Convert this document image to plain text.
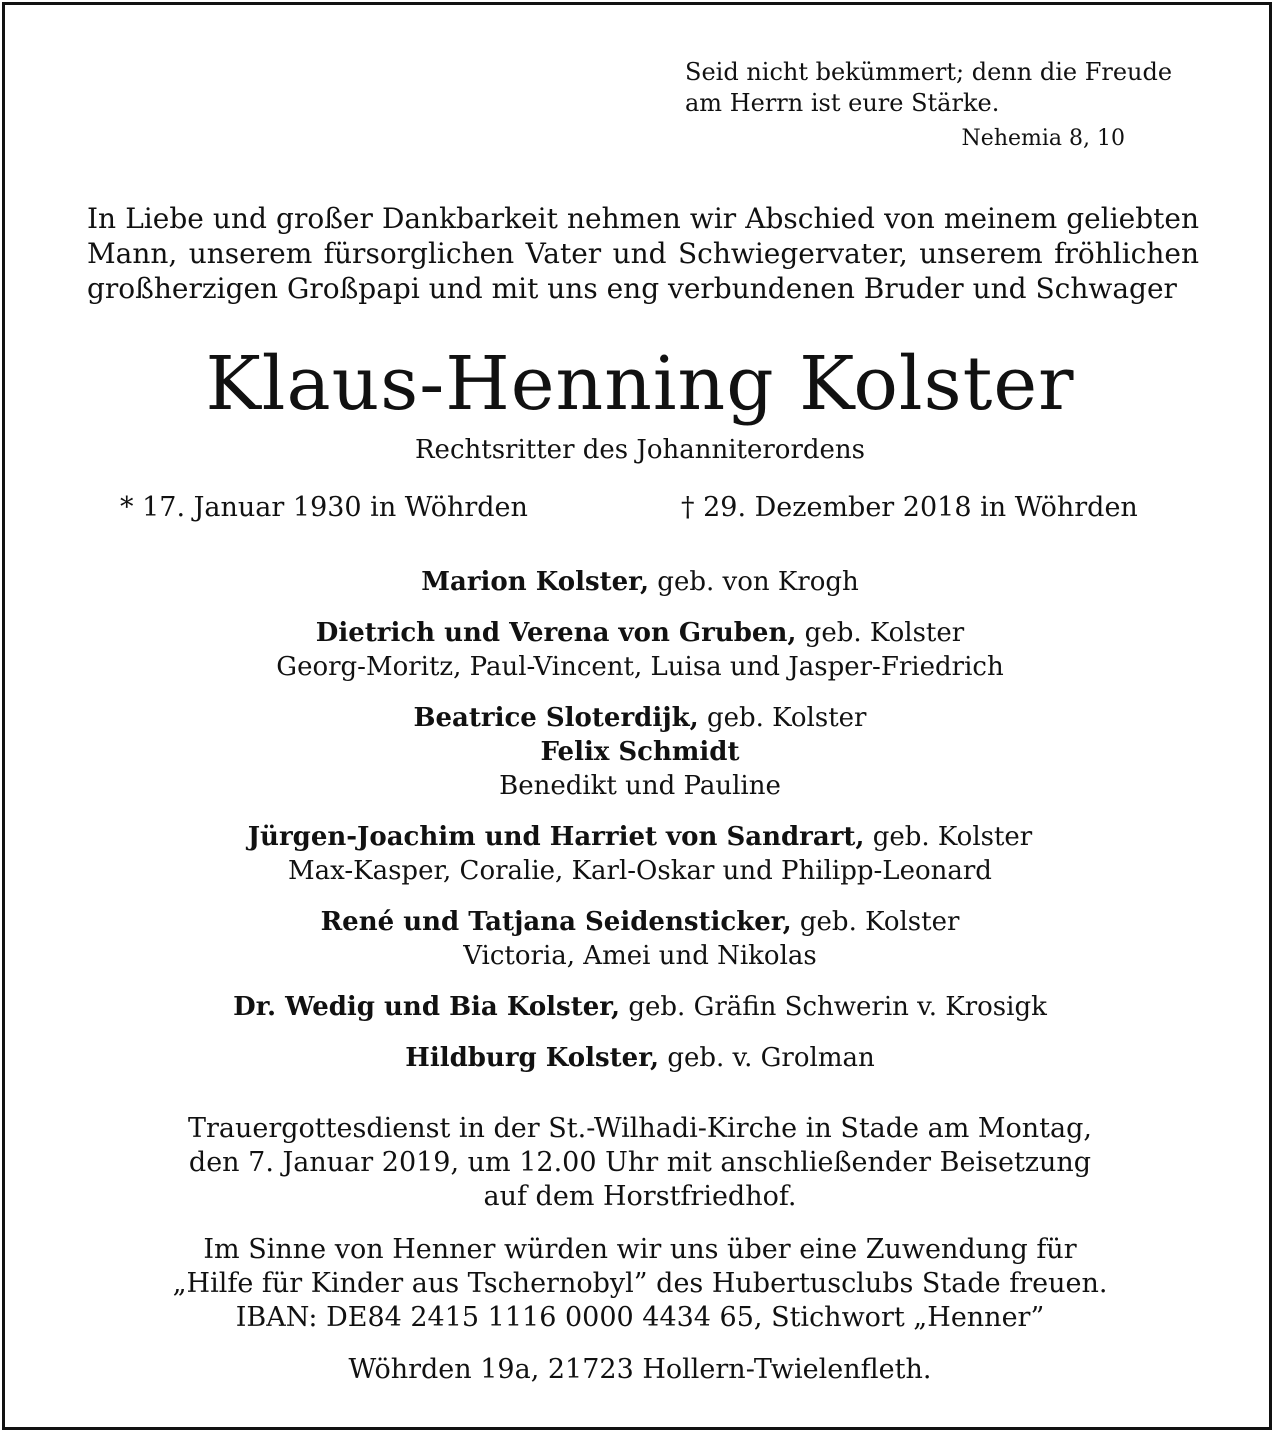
Seid nicht bekümmert; denn die Freude
am Herrn ist eure Stärke.
Nehemia 8, 10
In Liebe und großer Dankbarkeit nehmen wir Abschied von meinem geliebten
Mann, unserem fürsorglichen Vater und Schwiegervater, unserem fröhlichen
großherzigen Großpapi und mit uns eng verbundenen Bruder und Schwager
Klaus-Henning Kolster
Rechtsritter des Johanniterordens
* 17. Januar 1930 in Wöhrden	† 29. Dezember 2018 in Wöhrden
Marion Kolster, geb. von Krogh
Dietrich und Verena von Gruben, geb. Kolster
Georg-Moritz, Paul-Vincent, Luisa und Jasper-Friedrich
Beatrice Sloterdijk, geb. Kolster
Felix Schmidt
Benedikt und Pauline
Jürgen-Joachim und Harriet von Sandrart, geb. Kolster
Max-Kasper, Coralie, Karl-Oskar und Philipp-Leonard
René und Tatjana Seidensticker, geb. Kolster
Victoria, Amei und Nikolas
Dr. Wedig und Bia Kolster, geb. Gräfin Schwerin v. Krosigk
Hildburg Kolster, geb. v. Grolman
Trauergottesdienst in der St.-Wilhadi-Kirche in Stade am Montag,
den 7. Januar 2019, um 12.00 Uhr mit anschließender Beisetzung
auf dem Horstfriedhof.
Im Sinne von Henner würden wir uns über eine Zuwendung für
„Hilfe für Kinder aus Tschernobyl” des Hubertusclubs Stade freuen.
IBAN: DE84 2415 1116 0000 4434 65, Stichwort „Henner”
Wöhrden 19a, 21723 Hollern-Twielenfleth.
